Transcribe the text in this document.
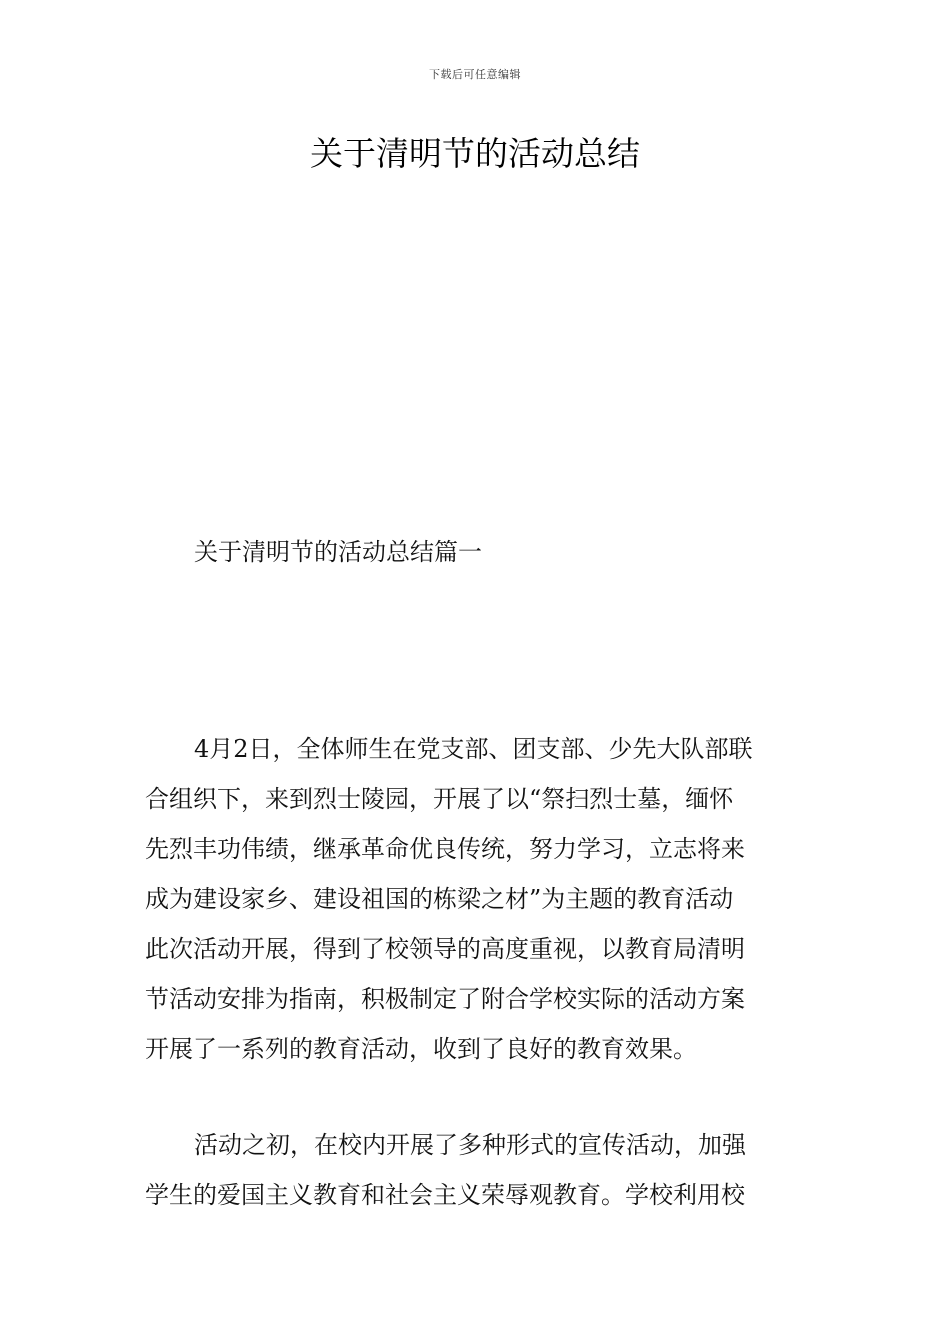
下载后可任意编辑
关于清明节的活动总结
关于清明节的活动总结篇一
4月2日，全体师生在党支部、团支部、少先大队部联
合组织下，来到烈士陵园，开展了以“祭扫烈士墓，缅怀
先烈丰功伟绩，继承革命优良传统，努力学习，立志将来
成为建设家乡、建设祖国的栋梁之材”为主题的教育活动
此次活动开展，得到了校领导的高度重视，以教育局清明
节活动安排为指南，积极制定了附合学校实际的活动方案
开展了一系列的教育活动，收到了良好的教育效果。
活动之初，在校内开展了多种形式的宣传活动，加强
学生的爱国主义教育和社会主义荣辱观教育。学校利用校
